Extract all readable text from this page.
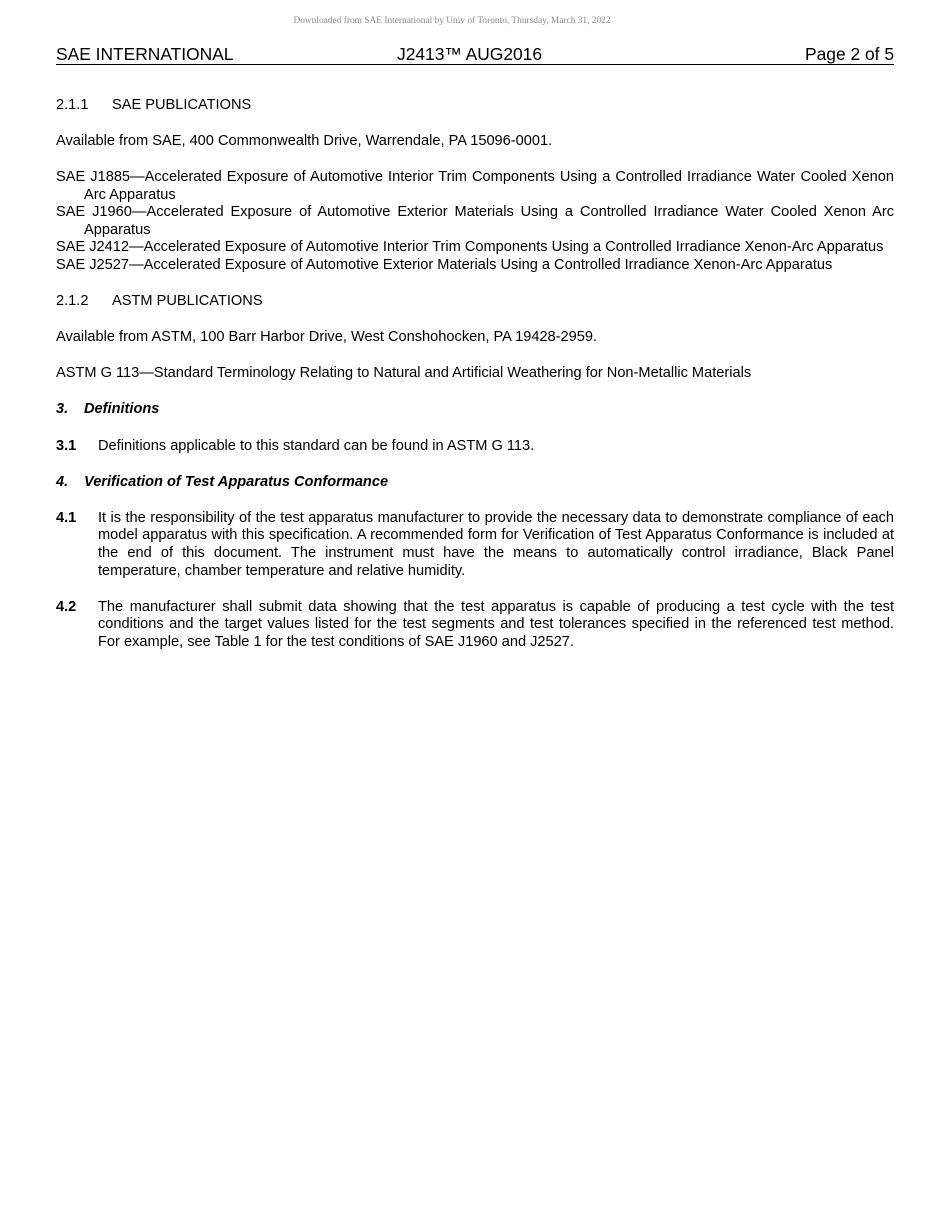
Downloaded from SAE International by Univ of Toronto, Thursday, March 31, 2022
SAE INTERNATIONAL	J2413™ AUG2016	Page 2 of 5
2.1.1 SAE PUBLICATIONS

Available from SAE, 400 Commonwealth Drive, Warrendale, PA 15096-0001.

SAE J1885—Accelerated Exposure of Automotive Interior Trim Components Using a Controlled Irradiance Water Cooled Xenon Arc Apparatus
SAE J1960—Accelerated Exposure of Automotive Exterior Materials Using a Controlled Irradiance Water Cooled Xenon Arc Apparatus
SAE J2412—Accelerated Exposure of Automotive Interior Trim Components Using a Controlled Irradiance Xenon-Arc Apparatus
SAE J2527—Accelerated Exposure of Automotive Exterior Materials Using a Controlled Irradiance Xenon-Arc Apparatus
2.1.2 ASTM PUBLICATIONS

Available from ASTM, 100 Barr Harbor Drive, West Conshohocken, PA 19428-2959.

ASTM G 113—Standard Terminology Relating to Natural and Artificial Weathering for Non-Metallic Materials
3. Definitions
3.1	Definitions applicable to this standard can be found in ASTM G 113.
4. Verification of Test Apparatus Conformance
4.1	It is the responsibility of the test apparatus manufacturer to provide the necessary data to demonstrate compliance of each model apparatus with this specification. A recommended form for Verification of Test Apparatus Conformance is included at the end of this document. The instrument must have the means to automatically control irradiance, Black Panel temperature, chamber temperature and relative humidity.
4.2	The manufacturer shall submit data showing that the test apparatus is capable of producing a test cycle with the test conditions and the target values listed for the test segments and test tolerances specified in the referenced test method. For example, see Table 1 for the test conditions of SAE J1960 and J2527.
